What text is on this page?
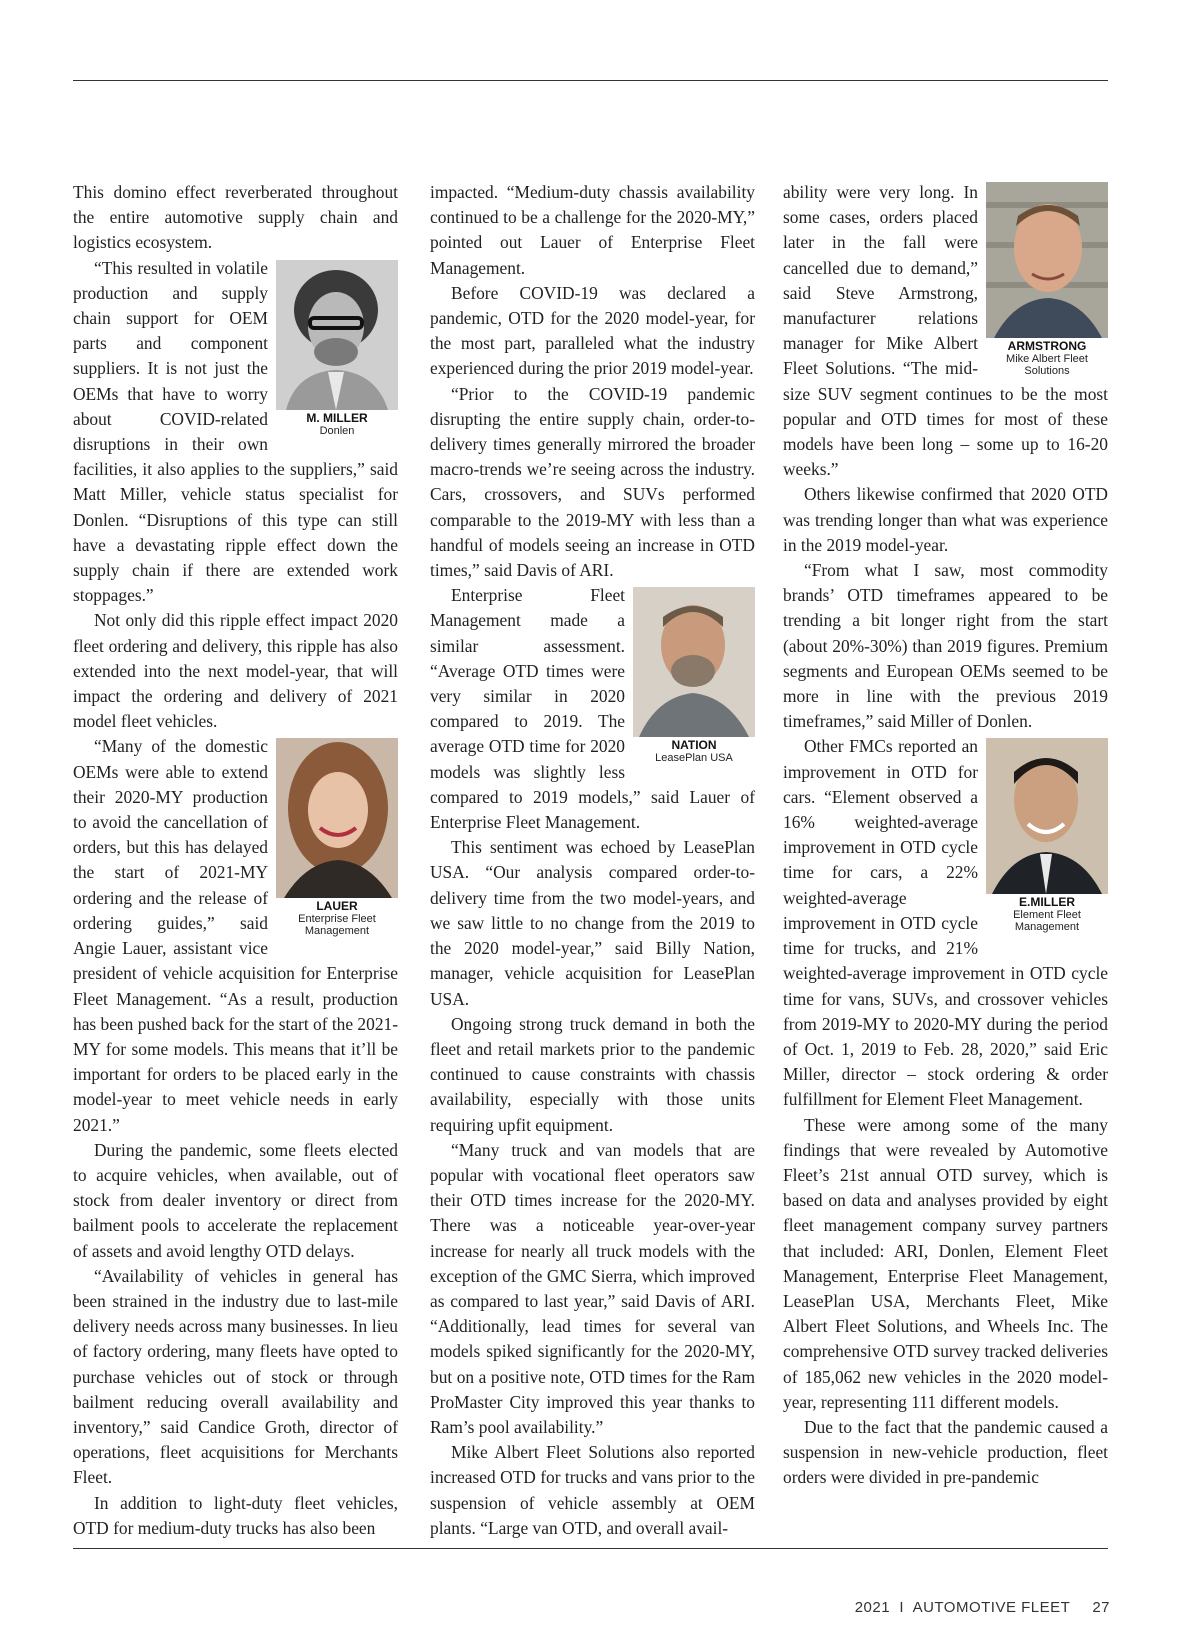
This domino effect reverberated throughout the entire automotive supply chain and logistics ecosystem.

M. MILLER
Donlen

“This resulted in volatile production and supply chain support for OEM parts and component suppliers. It is not just the OEMs that have to worry about COVID-related disruptions in their own facilities, it also applies to the suppliers,” said Matt Miller, vehicle status specialist for Donlen. “Disruptions of this type can still have a devastating ripple effect down the supply chain if there are extended work stoppages.”

Not only did this ripple effect impact 2020 fleet ordering and delivery, this ripple has also extended into the next model-year, that will impact the ordering and delivery of 2021 model fleet vehicles.

LAUER
Enterprise Fleet Management

“Many of the domestic OEMs were able to extend their 2020-MY production to avoid the cancellation of orders, but this has delayed the start of 2021-MY ordering and the release of ordering guides,” said Angie Lauer, assistant vice president of vehicle acquisition for Enterprise Fleet Management. “As a result, production has been pushed back for the start of the 2021-MY for some models. This means that it’ll be important for orders to be placed early in the model-year to meet vehicle needs in early 2021.”

During the pandemic, some fleets elected to acquire vehicles, when available, out of stock from dealer inventory or direct from bailment pools to accelerate the replacement of assets and avoid lengthy OTD delays.

“Availability of vehicles in general has been strained in the industry due to last-mile delivery needs across many businesses. In lieu of factory ordering, many fleets have opted to purchase vehicles out of stock or through bailment reducing overall availability and inventory,” said Candice Groth, director of operations, fleet acquisitions for Merchants Fleet.

In addition to light-duty fleet vehicles, OTD for medium-duty trucks has also been

impacted. “Medium-duty chassis availability continued to be a challenge for the 2020-MY,” pointed out Lauer of Enterprise Fleet Management.

Before COVID-19 was declared a pandemic, OTD for the 2020 model-year, for the most part, paralleled what the industry experienced during the prior 2019 model-year.

“Prior to the COVID-19 pandemic disrupting the entire supply chain, order-to-delivery times generally mirrored the broader macro-trends we’re seeing across the industry. Cars, crossovers, and SUVs performed comparable to the 2019-MY with less than a handful of models seeing an increase in OTD times,” said Davis of ARI.

NATION
LeasePlan USA

Enterprise Fleet Management made a similar assessment. “Average OTD times were very similar in 2020 compared to 2019. The average OTD time for 2020 models was slightly less compared to 2019 models,” said Lauer of Enterprise Fleet Management.

This sentiment was echoed by LeasePlan USA. “Our analysis compared order-to-delivery time from the two model-years, and we saw little to no change from the 2019 to the 2020 model-year,” said Billy Nation, manager, vehicle acquisition for LeasePlan USA.

Ongoing strong truck demand in both the fleet and retail markets prior to the pandemic continued to cause constraints with chassis availability, especially with those units requiring upfit equipment.

“Many truck and van models that are popular with vocational fleet operators saw their OTD times increase for the 2020-MY. There was a noticeable year-over-year increase for nearly all truck models with the exception of the GMC Sierra, which improved as compared to last year,” said Davis of ARI. “Additionally, lead times for several van models spiked significantly for the 2020-MY, but on a positive note, OTD times for the Ram ProMaster City improved this year thanks to Ram’s pool availability.”

Mike Albert Fleet Solutions also reported increased OTD for trucks and vans prior to the suspension of vehicle assembly at OEM plants. “Large van OTD, and overall avail-

ARMSTRONG
Mike Albert Fleet Solutions

ability were very long. In some cases, orders placed later in the fall were cancelled due to demand,” said Steve Armstrong, manufacturer relations manager for Mike Albert Fleet Solutions. “The mid-size SUV segment continues to be the most popular and OTD times for most of these models have been long – some up to 16-20 weeks.”

Others likewise confirmed that 2020 OTD was trending longer than what was experience in the 2019 model-year.

“From what I saw, most commodity brands’ OTD timeframes appeared to be trending a bit longer right from the start (about 20%-30%) than 2019 figures. Premium segments and European OEMs seemed to be more in line with the previous 2019 timeframes,” said Miller of Donlen.

E.MILLER
Element Fleet Management

Other FMCs reported an improvement in OTD for cars. “Element observed a 16% weighted-average improvement in OTD cycle time for cars, a 22% weighted-average improvement in OTD cycle time for trucks, and 21% weighted-average improvement in OTD cycle time for vans, SUVs, and crossover vehicles from 2019-MY to 2020-MY during the period of Oct. 1, 2019 to Feb. 28, 2020,” said Eric Miller, director – stock ordering & order fulfillment for Element Fleet Management.

These were among some of the many findings that were revealed by Automotive Fleet’s 21st annual OTD survey, which is based on data and analyses provided by eight fleet management company survey partners that included: ARI, Donlen, Element Fleet Management, Enterprise Fleet Management, LeasePlan USA, Merchants Fleet, Mike Albert Fleet Solutions, and Wheels Inc. The comprehensive OTD survey tracked deliveries of 185,062 new vehicles in the 2020 model-year, representing 111 different models.

Due to the fact that the pandemic caused a suspension in new-vehicle production, fleet orders were divided in pre-pandemic

2021  I  AUTOMOTIVE FLEET 27
